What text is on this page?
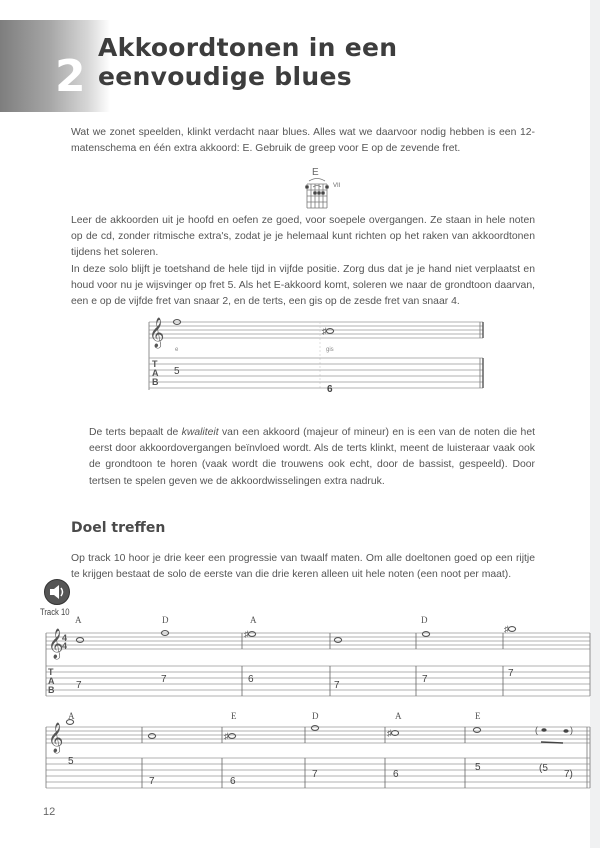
2
Akkoordtonen in een
eenvoudige blues
Wat we zonet speelden, klinkt verdacht naar blues. Alles wat we daarvoor nodig hebben is een 12-matenschema en één extra akkoord: E. Gebruik de greep voor E op de zevende fret.
E
VII
Leer de akkoorden uit je hoofd en oefen ze goed, voor soepele overgangen. Ze staan in hele noten op de cd, zonder ritmische extra's, zodat je je helemaal kunt richten op het raken van akkoordtonen tijdens het soleren.
In deze solo blijft je toetshand de hele tijd in vijfde positie. Zorg dus dat je je hand niet verplaatst en houd voor nu je wijsvinger op fret 5. Als het E-akkoord komt, soleren we naar de grondtoon daarvan, een e op de vijfde fret van snaar 2, en de terts, een gis op de zesde fret van snaar 4.
De terts bepaalt de kwaliteit van een akkoord (majeur of mineur) en is een van de noten die het eerst door akkoordovergangen beïnvloed wordt. Als de terts klinkt, meent de luisteraar vaak ook de grondtoon te horen (vaak wordt die trouwens ook echt, door de bassist, gespeeld). Door tertsen te spelen geven we de akkoordwisselingen extra nadruk.
Doel treffen
Op track 10 hoor je drie keer een progressie van twaalf maten. Om alle doeltonen goed op een rijtje te krijgen bestaat de solo de eerste van die drie keren alleen uit hele noten (een noot per maat).
Track 10
12
𝄞
T
A
B
♯
e	gis
5
6
𝄞
4
4
T
A
B
A
7
D
7
A
♯
6
7
D
7
♯
7
𝄞
A	E
♯
D	A
♯
E
5
7	6
7	6
5
(	)
(5
7)
